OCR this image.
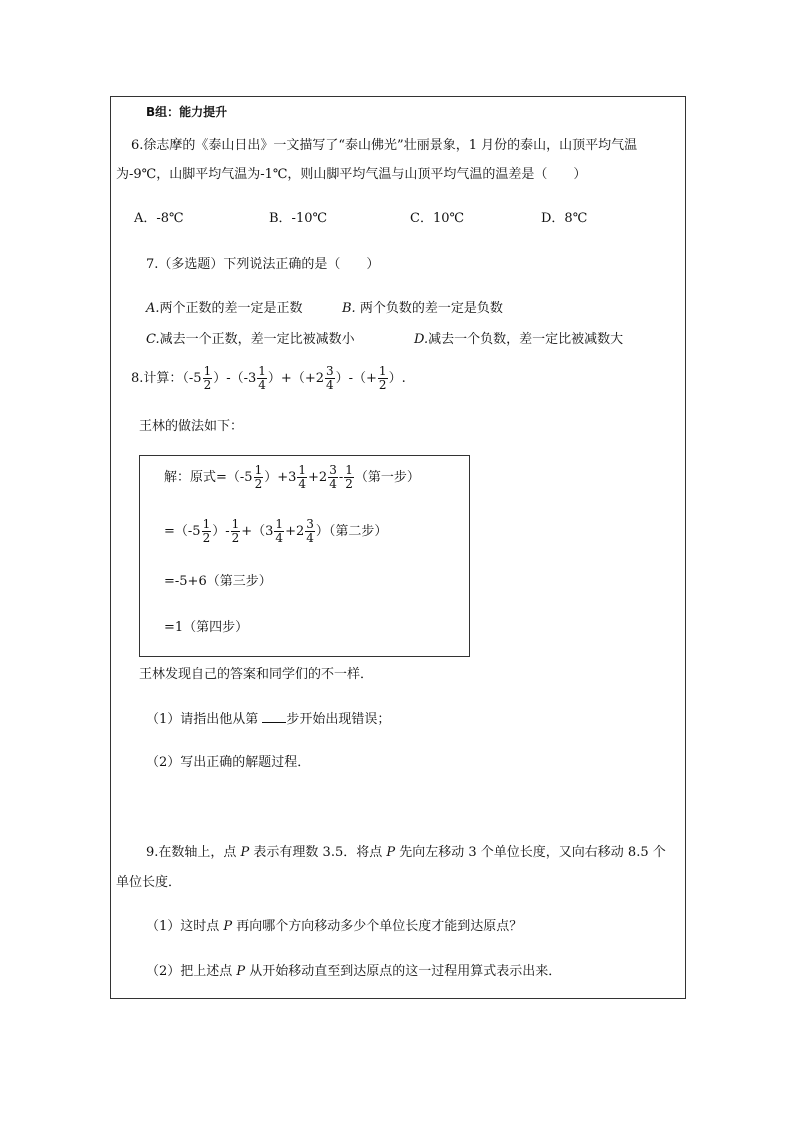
B组：能力提升
6.徐志摩的《泰山日出》一文描写了“泰山佛光”壮丽景象，1 月份的泰山，山顶平均气温
为-9℃，山脚平均气温为-1℃，则山脚平均气温与山顶平均气温的温差是（　　）
A．-8℃	B．-10℃	C．10℃	D．8℃
7.（多选题）下列说法正确的是（　　）
A.两个正数的差一定是正数	B. 两个负数的差一定是负数
C.减去一个正数，差一定比被减数小	D.减去一个负数，差一定比被减数大
8.计算：$(-5 \frac{1}{2} )-(-3 \frac{1}{4} )+(+2 \frac{3}{4}$ ）-（+ $\frac{1}{2}$ ）.
王林的做法如下：
解：原式$=(-5 \frac{1}{2} )+3 \frac{1}{4} +2 \frac{3}{4} - \frac{1}{2}$ （第一步）
$=(-5 \frac{1}{2}$ ）- $\frac{1}{2} +(3 \frac{1}{4} +2 \frac{3}{4}$ ）（第二步）
=-5+6（第三步）
=1（第四步）
王林发现自己的答案和同学们的不一样．
（1）请指出他从第 步开始出现错误；
（2）写出正确的解题过程．
9.在数轴上，点 P 表示有理数 3.5．将点 P 先向左移动 3 个单位长度，又向右移动 8.5 个
单位长度．
（1）这时点 P 再向哪个方向移动多少个单位长度才能到达原点？
（2）把上述点 P 从开始移动直至到达原点的这一过程用算式表示出来．
